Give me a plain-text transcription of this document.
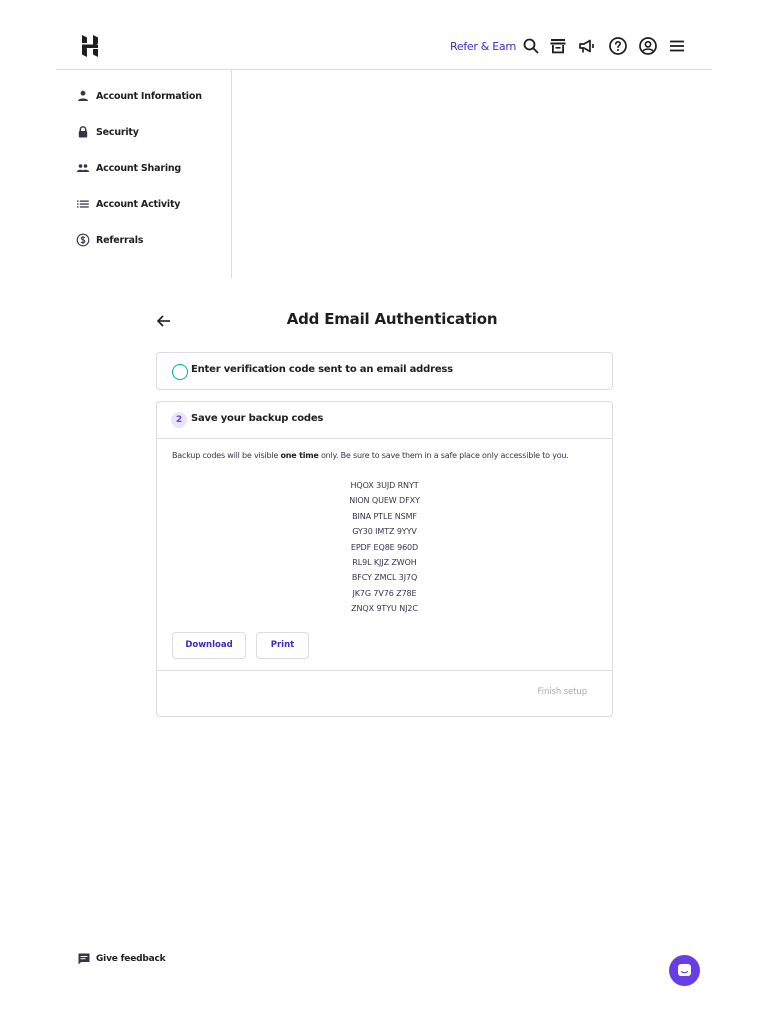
Refer & Earn
Account Information
Security
Account Sharing
Account Activity
Referrals
Add Email Authentication
Enter verification code sent to an email address
2 Save your backup codes
Backup codes will be visible one time only. Be sure to save them in a safe place only accessible to you.
HQOX 3UJD RNYT
NION QUEW DFXY
BINA PTLE NSMF
GY30 IMTZ 9YYV
EPDF EQ8E 960D
RL9L KJJZ ZWOH
BFCY ZMCL 3J7Q
JK7G 7V76 Z78E
ZNQX 9TYU NJ2C
Download	Print
Finish setup
Give feedback
